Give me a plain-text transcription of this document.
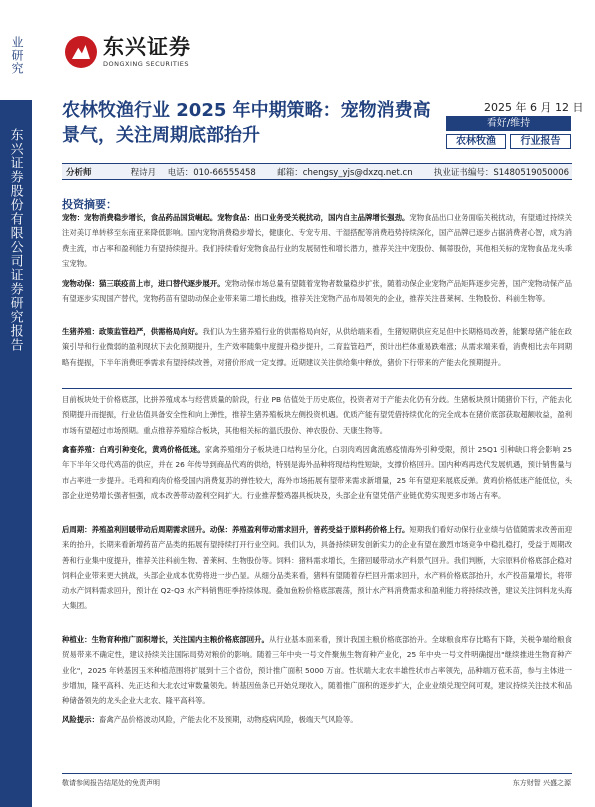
业研究
东兴证券股份有限公司证券研究报告
东兴证券
DONGXING SECURITIES
农林牧渔行业 2025 年中期策略：宠物消费高景气，关注周期底部抬升
2025 年 6 月 12 日
看好/维持
农林牧渔	行业报告
分析师	程诗月	电话：010-66555458	邮箱：chengsy_yjs@dxzq.net.cn	执业证书编号：S1480519050006
投资摘要：
宠物：宠物消费稳步增长，食品药品国货崛起。宠物食品：出口业务受关税扰动，国内自主品牌增长强劲。宠物食品出口业务面临关税扰动，有望通过持续关注对美订单转移至东南亚来降低影响。国内宠物消费稳步增长，健康化、专宠专用、干湿搭配等消费趋势持续深化，国产品牌已逐步占据消费者心智，成为消费主流，市占率和盈利能力有望持续提升。我们持续看好宠物食品行业的发展韧性和增长潜力，推荐关注中宠股份、佩蒂股份，其他相关标的宠物食品龙头乖宝宠物。
宠物动保：猫三联疫苗上市，进口替代逐步展开。宠物动保市场总量有望随着宠物者数量稳步扩张，随着动保企业宠物产品矩阵逐步完善，国产宠物动保产品有望逐步实现国产替代，宠物药苗有望助动保企业带来第二增长曲线，推荐关注宠物产品布局领先的企业，推荐关注普莱柯、生物股份、科前生物等。
生猪养殖：政策监管趋严，供需格局向好。我们认为生猪养殖行业的供需格局向好，从供给端来看，生猪短期供应充足但中长期格局改善，能繁母猪产能在政策引导和行业微弱的盈利现状下去化预期提升，生产效率随集中度提升稳步提升，二育监管趋严，预计出栏体重易跌难涨；从需求端来看，消费相比去年同期略有提振，下半年消费旺季需求有望持续改善，对猪价形成一定支撑。近期建议关注供给集中释放，猪价下行带来的产能去化预期提升。
目前板块处于价格底部，比拼养殖成本与经营质量的阶段，行业 PB 估值处于历史底位，投资者对于产能去化仍有分歧。生猪板块预计随猪价下行，产能去化预期提升而提振，行业估值具备安全性和向上弹性，推荐生猪养殖板块左侧投资机遇。优质产能有望凭借持续优化的完全成本在猪价底部获取超额收益，盈利市场有望超过市场预期。重点推荐养殖综合板块，其他相关标的温氏股份、神农股份、天康生物等。
禽畜养殖：白鸡引种变化，黄鸡价格低迷。家禽养殖细分子板块进口结构呈分化，白羽肉鸡因禽流感疫情海外引种受限，预计 25Q1 引种缺口将会影响 25 年下半年父母代鸡苗的供应，并在 26 年传导到商品代鸡的供给，特别是海外品种将现结构性短缺，支撑价格回升。国内种鸡再迭代发展机遇，预计销售量与市占率进一步提升。毛鸡和鸡肉价格受国内消费复苏的弹性较大，海外市场拓展有望带来需求新增量，25 年有望迎来展底反弹。黄鸡价格低迷产能低位，头部企业逆势增长强者恒强，成本改善带动盈利空间扩大。行业推荐整鸡器具板块及，头部企业有望凭借产业链优势实现更多市场占有率。
后周期：养殖盈利回暖带动后周期需求回升。动保：养殖盈利带动需求回升，普药受益于原料药价格上行。短期我们看好动保行业业绩与估值随需求改善而迎来的抬升，长期来看新增药苗产品类的拓展有望持续打开行业空间。我们认为，具备持续研发创新实力的企业有望在激烈市场竞争中稳扎稳打，受益于周期改善和行业集中度提升，推荐关注科前生物、普莱柯、生物股份等。饲料：猪料需求增长，生猪回暖带动水产料景气回升。我们判断，大宗原料价格底部企稳对饲料企业带来更大挑战，头部企业成本优势将进一步凸显。从细分品类来看，猪料有望随着存栏回升需求回升，水产料价格底部抬升，水产投苗量增长，将带动水产饲料需求回升，预计在 Q2-Q3 水产料销售旺季持续体现。叠加鱼粉价格底部震荡，预计水产料消费需求和盈利能力将持续改善，建议关注饲料龙头海大集团。
种植业：生物育种推广面积增长，关注国内主粮价格底部回升。从行业基本面来看，预计我国主粮价格底部抬升。全球粮食库存比略有下降，关税争端给粮食贸易带来不确定性，建议持续关注国际局势对粮价的影响。随着三年中央一号文件聚焦生物育种产业化，25 年中央一号文件明确提出"继续推进生物育种产业化"，2025 年转基因玉米种植范围将扩展到十三个省份，预计推广面积 5000 万亩。性状端大北农丰雄性状市占率领先，品种端万苞禾苗，参与主体进一步增加，隆平高科、先正达和大北农过审数量领先。转基因鱼条已开始兑现收入，随着推广面积的逐步扩大，企业业绩兑现空间可观，建议持续关注技术和品种储备领先的龙头企业大北农、隆平高科等。
风险提示：畜禽产品价格波动风险，产能去化不及预期，动物疫病风险，极端天气风险等。
敬请参阅报告结尾处的免责声明	东方财智 兴盛之源
